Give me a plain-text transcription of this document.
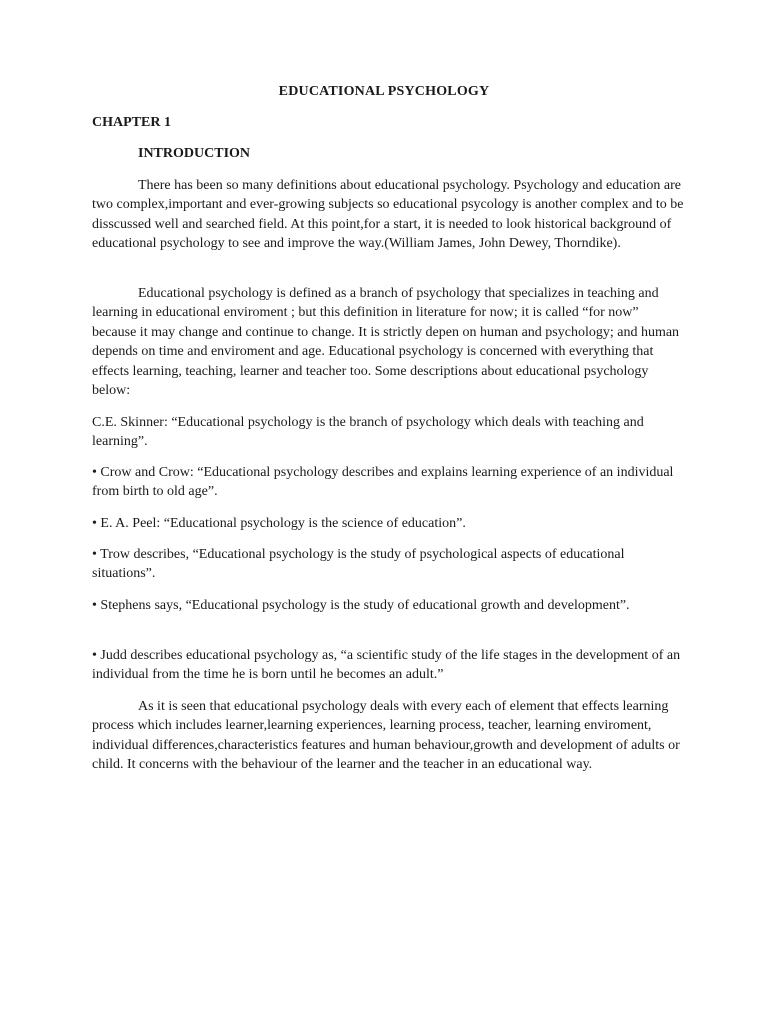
EDUCATIONAL PSYCHOLOGY
CHAPTER 1
INTRODUCTION

There has been so many definitions about educational psychology. Psychology and education are two complex,important and ever-growing subjects so educational psycology is another complex and to be disscussed well and searched field. At this point,for a start, it is needed to look historical background of educational psychology to see and improve the way.(William James, John Dewey, Thorndike).

Educational psychology is defined as a branch of psychology that specializes in teaching and learning in educational enviroment ; but this definition in literature for now; it is called “for now” because it may change and continue to change. It is strictly depen on human and psychology; and human depends on time and enviroment and age. Educational psychology is concerned with everything that effects learning, teaching, learner and teacher too. Some descriptions about educational psychology below:

C.E. Skinner: “Educational psychology is the branch of psychology which deals with teaching and learning”.

• Crow and Crow: “Educational psychology describes and explains learning experience of an individual from birth to old age”.

• E. A. Peel: “Educational psychology is the science of education”.

• Trow describes, “Educational psychology is the study of psychological aspects of educational situations”.

• Stephens says, “Educational psychology is the study of educational growth and development”.

• Judd describes educational psychology as, “a scientific study of the life stages in the development of an individual from the time he is born until he becomes an adult.”

As it is seen that educational psychology deals with every each of element that effects learning process which includes learner,learning experiences, learning process, teacher, learning enviroment, individual differences,characteristics features and human behaviour,growth and development of adults or child. It concerns with the behaviour of the learner and the teacher in an educational way.
